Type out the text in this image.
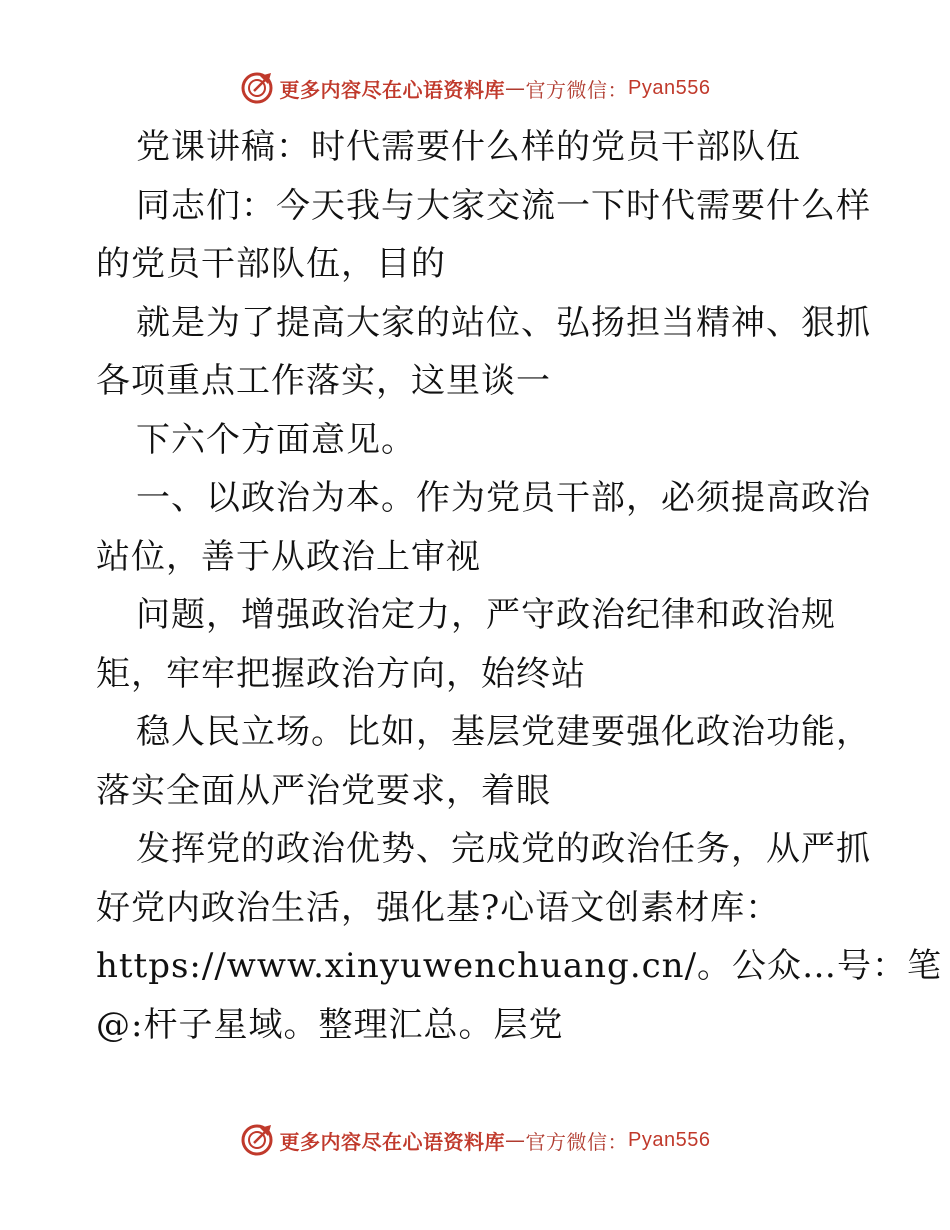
更多内容尽在心语资料库 — 官方微信： Pyan556
党课讲稿：时代需要什么样的党员干部队伍
同志们：今天我与大家交流一下时代需要什么样
的党员干部队伍，目的
就是为了提高大家的站位、弘扬担当精神、狠抓
各项重点工作落实，这里谈一
下六个方面意见。
一、以政治为本。作为党员干部，必须提高政治
站位，善于从政治上审视
问题，增强政治定力，严守政治纪律和政治规
矩，牢牢把握政治方向，始终站
稳人民立场。比如，基层党建要强化政治功能，
落实全面从严治党要求，着眼
发挥党的政治优势、完成党的政治任务，从严抓
好党内政治生活，强化基?心语文创素材库：
https://www.xinyuwenchuang.cn/。公众…号：笔
@:杆子星域。整理汇总。层党
更多内容尽在心语资料库 — 官方微信： Pyan556
